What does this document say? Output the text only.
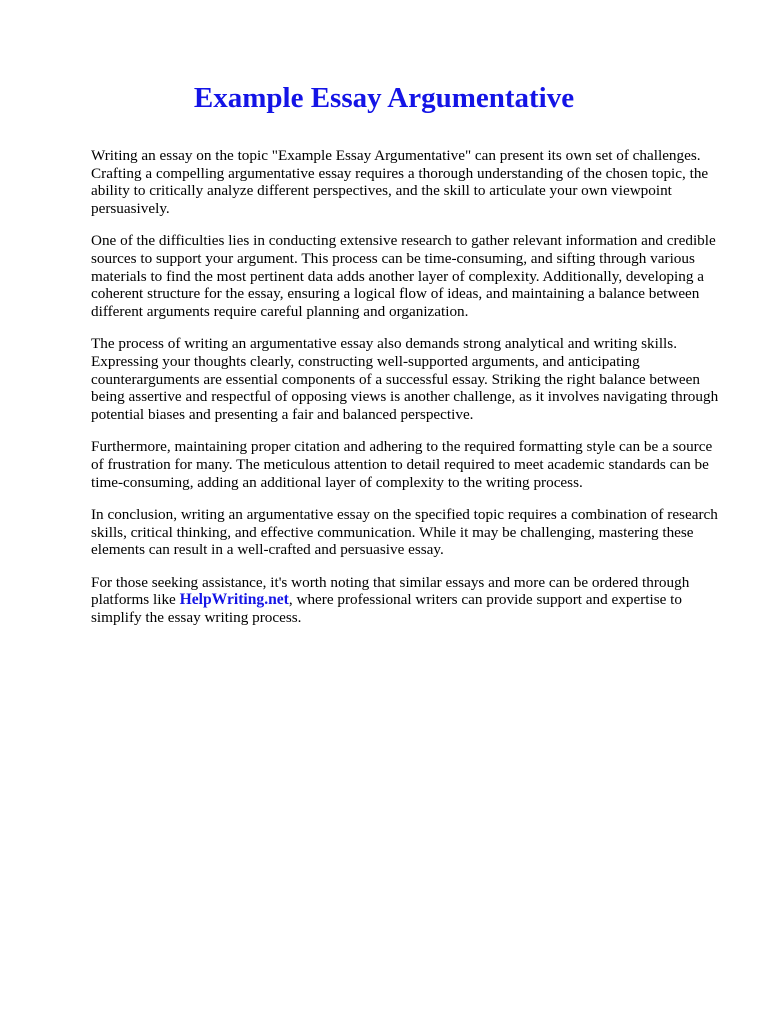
Example Essay Argumentative

Writing an essay on the topic "Example Essay Argumentative" can present its own set of challenges. Crafting a compelling argumentative essay requires a thorough understanding of the chosen topic, the ability to critically analyze different perspectives, and the skill to articulate your own viewpoint persuasively.

One of the difficulties lies in conducting extensive research to gather relevant information and credible sources to support your argument. This process can be time-consuming, and sifting through various materials to find the most pertinent data adds another layer of complexity. Additionally, developing a coherent structure for the essay, ensuring a logical flow of ideas, and maintaining a balance between different arguments require careful planning and organization.

The process of writing an argumentative essay also demands strong analytical and writing skills. Expressing your thoughts clearly, constructing well-supported arguments, and anticipating counterarguments are essential components of a successful essay. Striking the right balance between being assertive and respectful of opposing views is another challenge, as it involves navigating through potential biases and presenting a fair and balanced perspective.

Furthermore, maintaining proper citation and adhering to the required formatting style can be a source of frustration for many. The meticulous attention to detail required to meet academic standards can be time-consuming, adding an additional layer of complexity to the writing process.

In conclusion, writing an argumentative essay on the specified topic requires a combination of research skills, critical thinking, and effective communication. While it may be challenging, mastering these elements can result in a well-crafted and persuasive essay.

For those seeking assistance, it's worth noting that similar essays and more can be ordered through platforms like HelpWriting.net, where professional writers can provide support and expertise to simplify the essay writing process.
